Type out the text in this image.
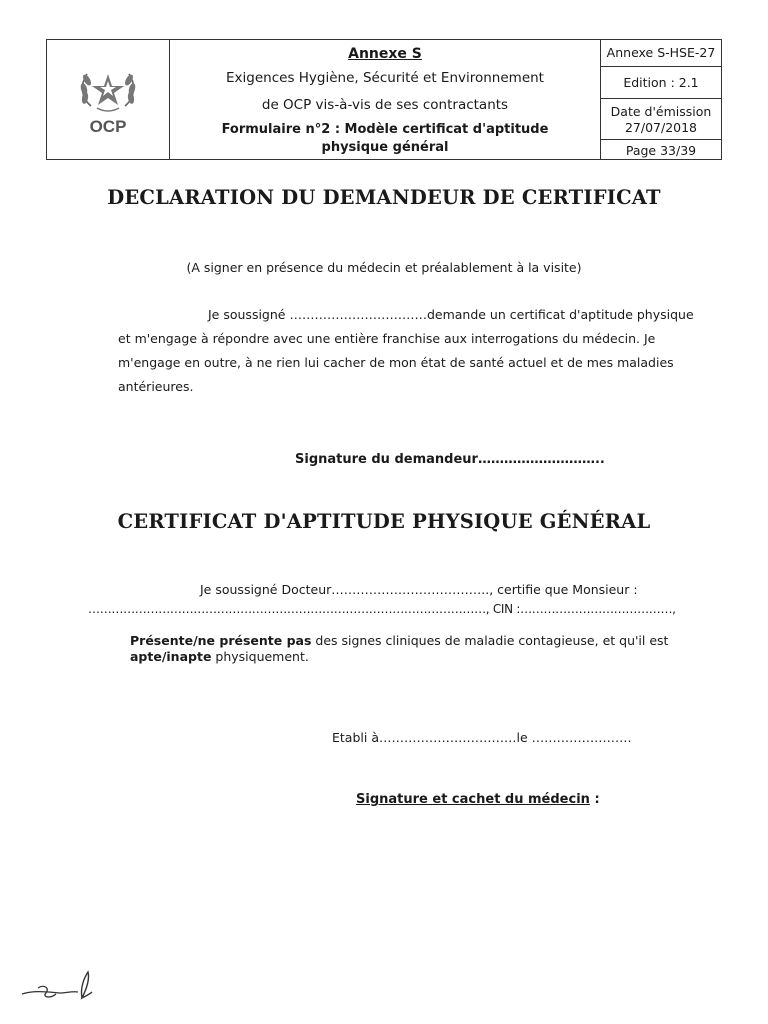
OCP
Annexe S
Exigences Hygiène, Sécurité et Environnement
de OCP vis-à-vis de ses contractants
Formulaire n°2 : Modèle certificat d'aptitude
physique général
Annexe S-HSE-27
Edition : 2.1
Date d'émission
27/07/2018
Page 33/39
DECLARATION DU DEMANDEUR DE CERTIFICAT
(A signer en présence du médecin et préalablement à la visite)
Je soussigné ……………………………demande un certificat d'aptitude physique
et m'engage à répondre avec une entière franchise aux interrogations du médecin. Je
m'engage en outre, à ne rien lui cacher de mon état de santé actuel et de mes maladies
antérieures.
Signature du demandeur………………………..
CERTIFICAT D'APTITUDE PHYSIQUE GÉNÉRAL
Je soussigné Docteur……………………………….., certifie que Monsieur :
…………………………………………………………………………………………, CIN :…………………………………,
Présente/ne présente pas des signes cliniques de maladie contagieuse, et qu'il est
apte/inapte physiquement.
Etabli à……………………………le ……………………
Signature et cachet du médecin :
